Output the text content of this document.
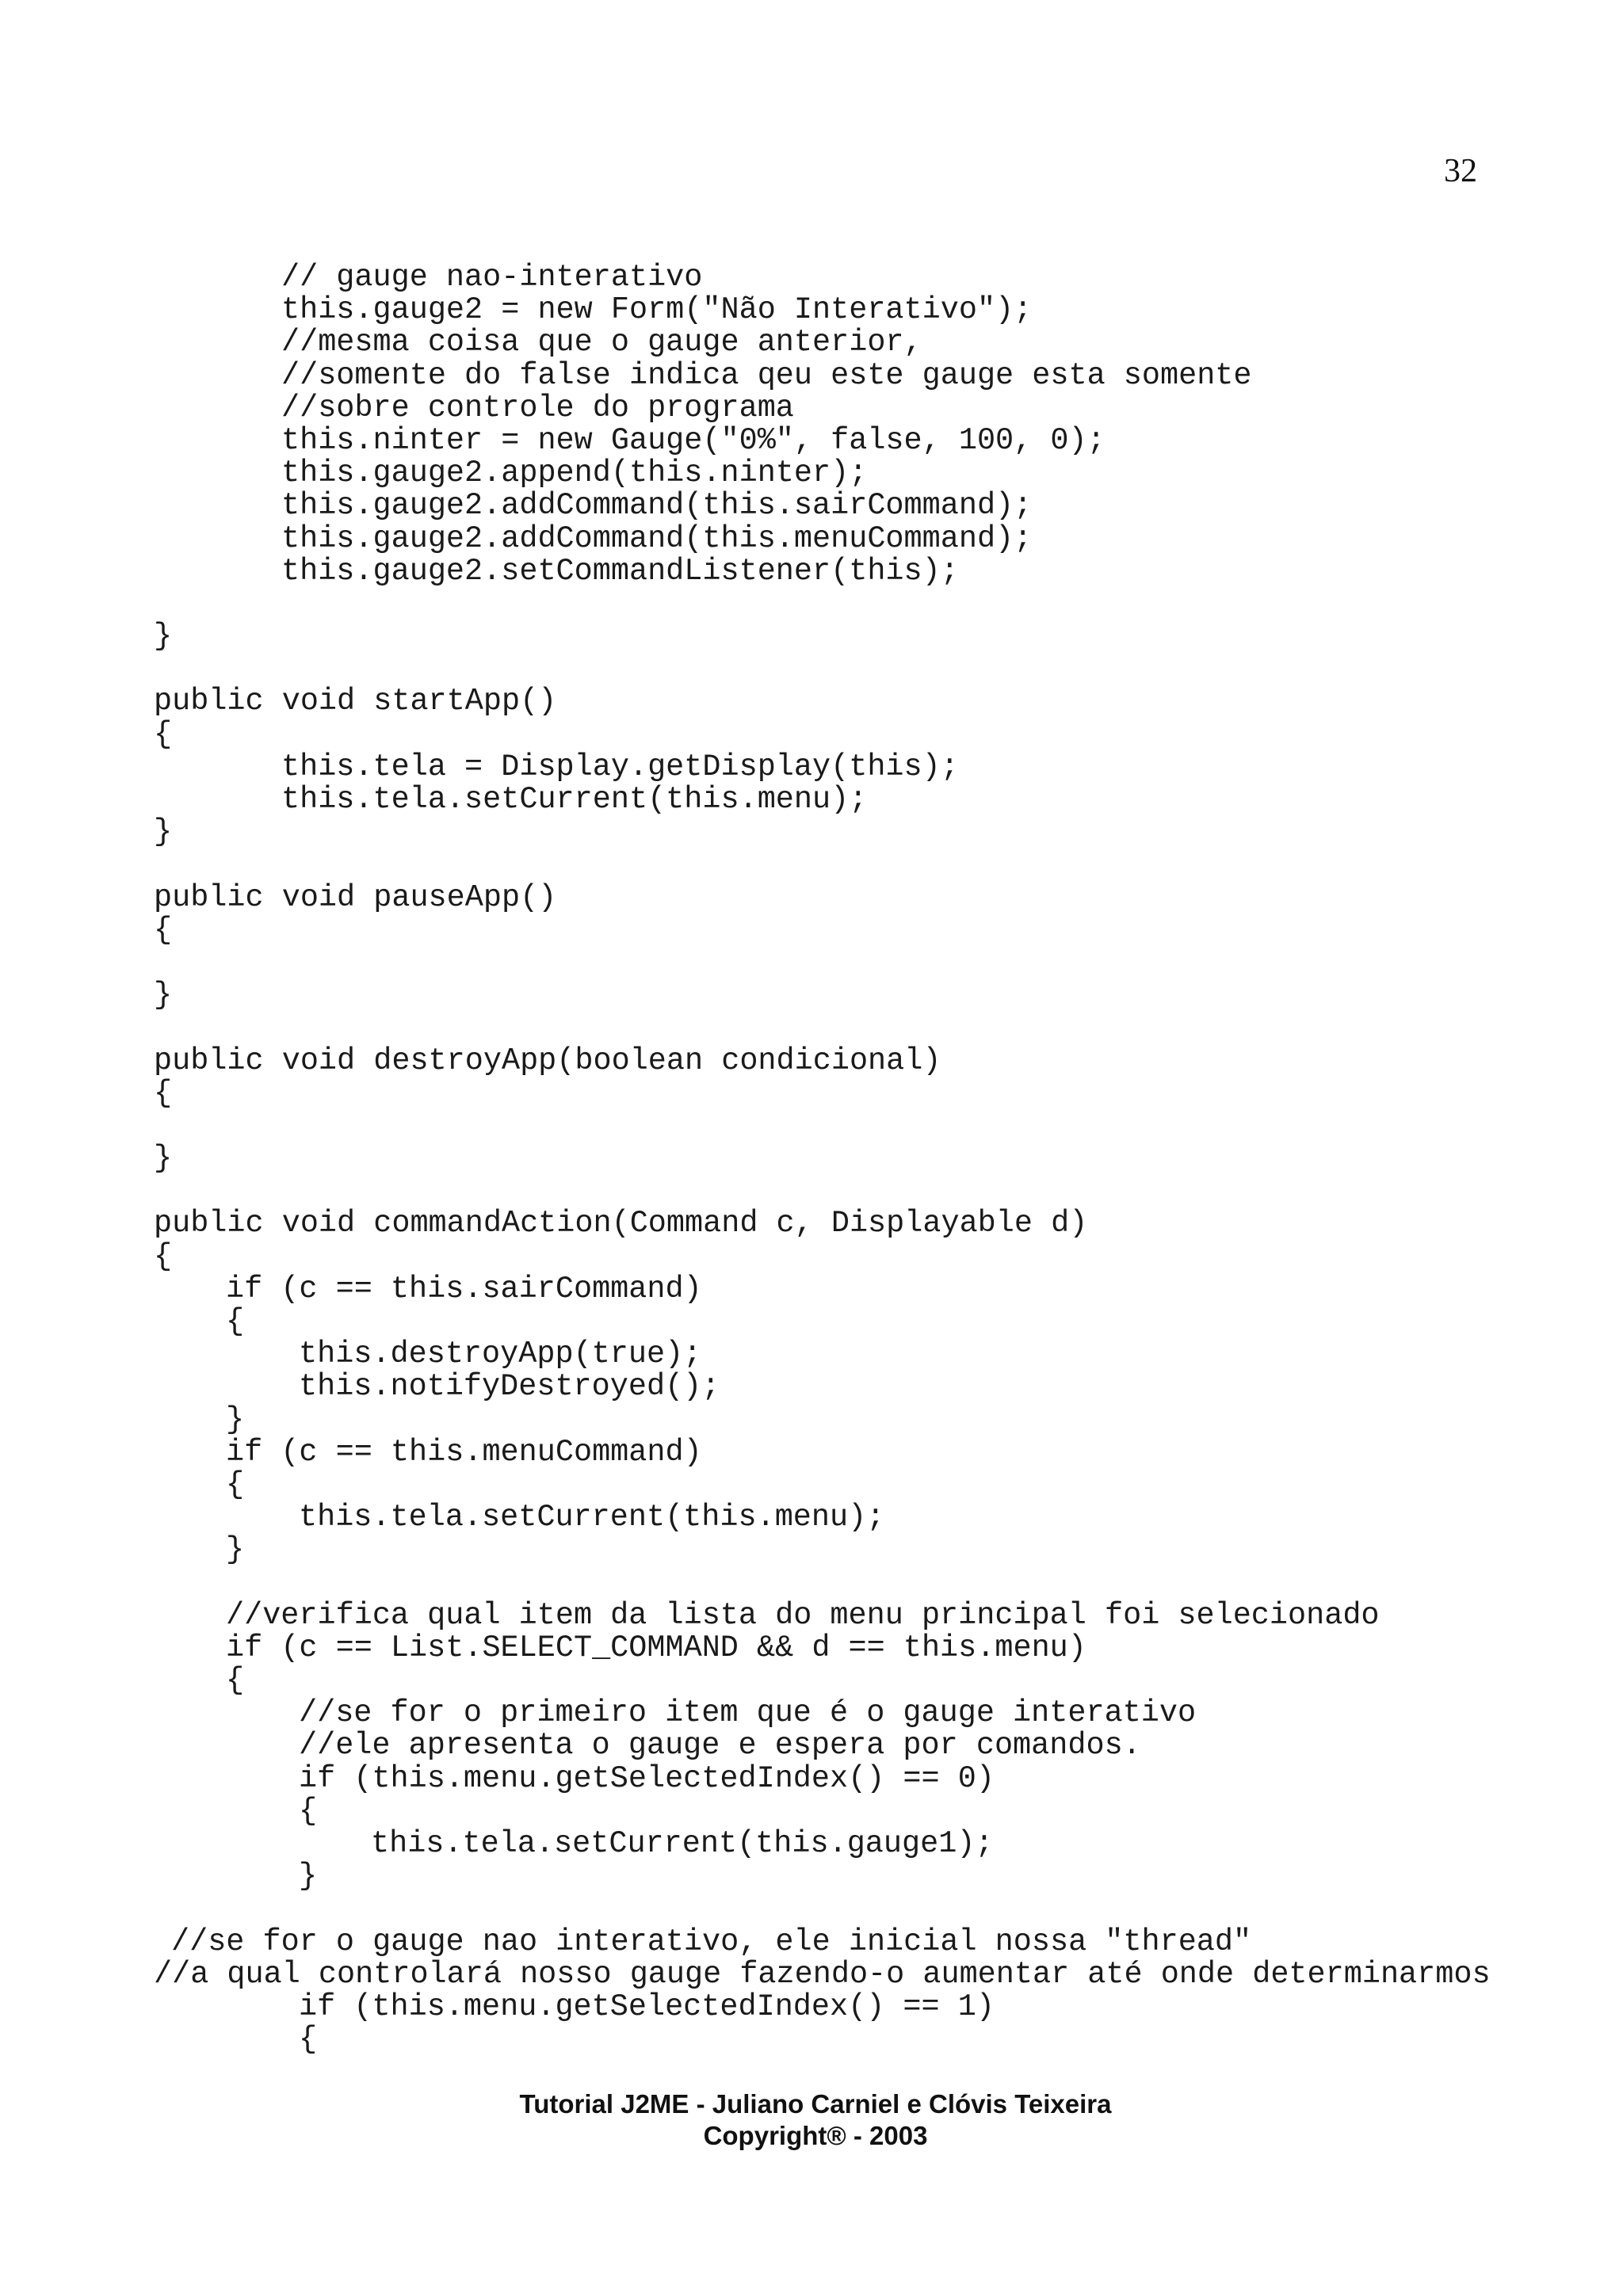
32
// gauge nao-interativo
this.gauge2 = new Form("Não Interativo");
//mesma coisa que o gauge anterior,
//somente do false indica qeu este gauge esta somente
//sobre controle do programa
this.ninter = new Gauge("0%", false, 100, 0);
this.gauge2.append(this.ninter);
this.gauge2.addCommand(this.sairCommand);
this.gauge2.addCommand(this.menuCommand);
this.gauge2.setCommandListener(this);
}
public void startApp()
{
this.tela = Display.getDisplay(this);
this.tela.setCurrent(this.menu);
}
public void pauseApp()
{
}
public void destroyApp(boolean condicional)
{
}
public void commandAction(Command c, Displayable d)
{
if (c == this.sairCommand)
{
this.destroyApp(true);
this.notifyDestroyed();
}
if (c == this.menuCommand)
{
this.tela.setCurrent(this.menu);
}
//verifica qual item da lista do menu principal foi selecionado
if (c == List.SELECT_COMMAND && d == this.menu)
{
//se for o primeiro item que é o gauge interativo
//ele apresenta o gauge e espera por comandos.
if (this.menu.getSelectedIndex() == 0)
{
this.tela.setCurrent(this.gauge1);
}
//se for o gauge nao interativo, ele inicial nossa "thread"
//a qual controlará nosso gauge fazendo-o aumentar até onde determinarmos
if (this.menu.getSelectedIndex() == 1)
{
Tutorial J2ME - Juliano Carniel e Clóvis Teixeira
Copyright® - 2003
